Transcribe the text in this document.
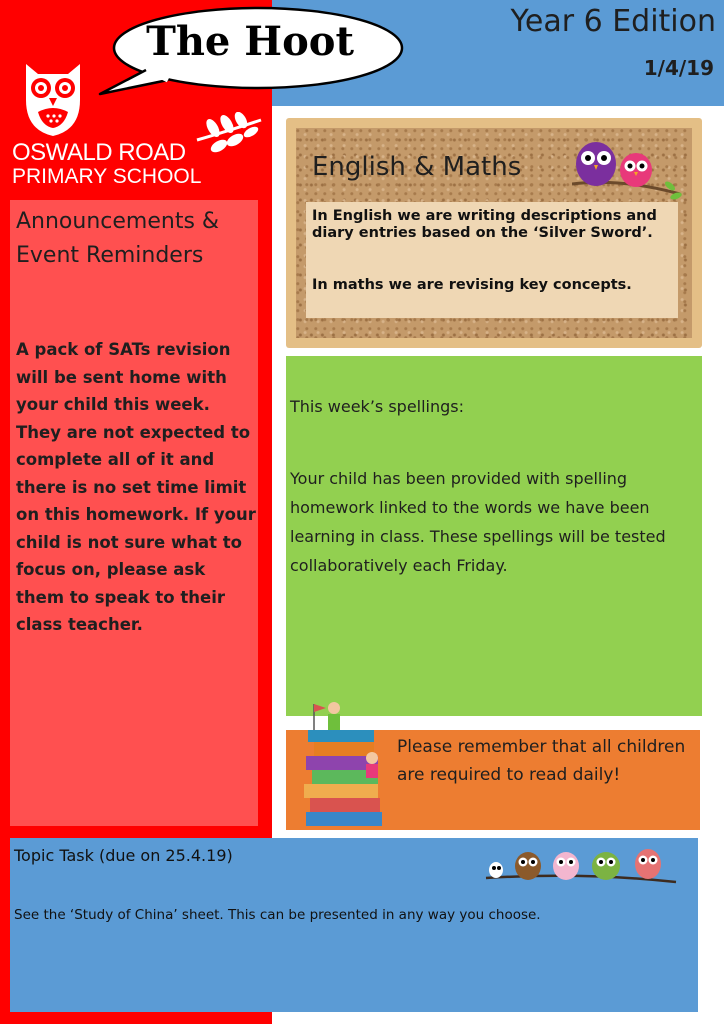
The Hoot	Year 6 Edition
1/4/19
OSWALD ROAD
PRIMARY SCHOOL
Announcements & Event Reminders
A pack of SATs revision will be sent home with your child this week. They are not expected to complete all of it and there is no set time limit on this homework. If your child is not sure what to focus on, please ask them to speak to their class teacher.
English & Maths
In English we are writing descriptions and diary entries based on the ‘Silver Sword’.
In maths we are revising key concepts.
This week’s spellings:
Your child has been provided with spelling homework linked to the words we have been learning in class. These spellings will be tested collaboratively each Friday.
Please remember that all children are required to read daily!
Topic Task (due on 25.4.19)
See the ‘Study of China’ sheet. This can be presented in any way you choose.
